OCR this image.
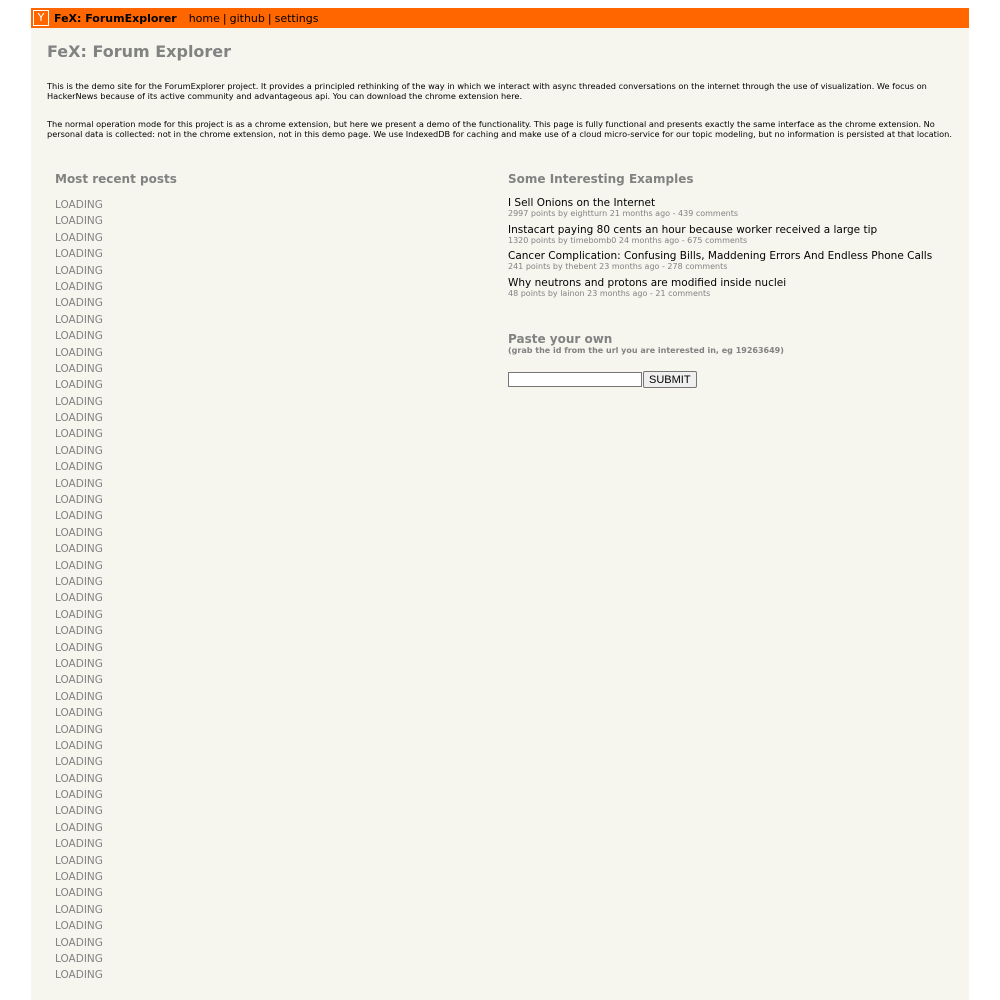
Y FeX: ForumExplorer home | github | settings
FeX: Forum Explorer

This is the demo site for the ForumExplorer project. It provides a principled rethinking of the way in which we interact with async threaded conversations on the internet through the use of visualization. We focus on HackerNews because of its active community and advantageous api. You can download the chrome extension here.

The normal operation mode for this project is as a chrome extension, but here we present a demo of the functionality. This page is fully functional and presents exactly the same interface as the chrome extension. No personal data is collected: not in the chrome extension, not in this demo page. We use IndexedDB for caching and make use of a cloud micro-service for our topic modeling, but no information is persisted at that location.

Most recent posts
LOADING
LOADING
LOADING
LOADING
LOADING
LOADING
LOADING
LOADING
LOADING
LOADING
LOADING
LOADING
LOADING
LOADING
LOADING
LOADING
LOADING
LOADING
LOADING
LOADING
LOADING
LOADING
LOADING
LOADING
LOADING
LOADING
LOADING
LOADING
LOADING
LOADING
LOADING
LOADING
LOADING
LOADING
LOADING
LOADING
LOADING
LOADING
LOADING
LOADING
LOADING
LOADING
LOADING
LOADING
LOADING
LOADING
LOADING
LOADING
Some Interesting Examples
I Sell Onions on the Internet
2997 points by eightturn 21 months ago - 439 comments
Instacart paying 80 cents an hour because worker received a large tip
1320 points by timebomb0 24 months ago - 675 comments
Cancer Complication: Confusing Bills, Maddening Errors And Endless Phone Calls
241 points by thebent 23 months ago - 278 comments
Why neutrons and protons are modified inside nuclei
48 points by lainon 23 months ago - 21 comments
Paste your own

(grab the id from the url you are interested in, eg 19263649)

SUBMIT
